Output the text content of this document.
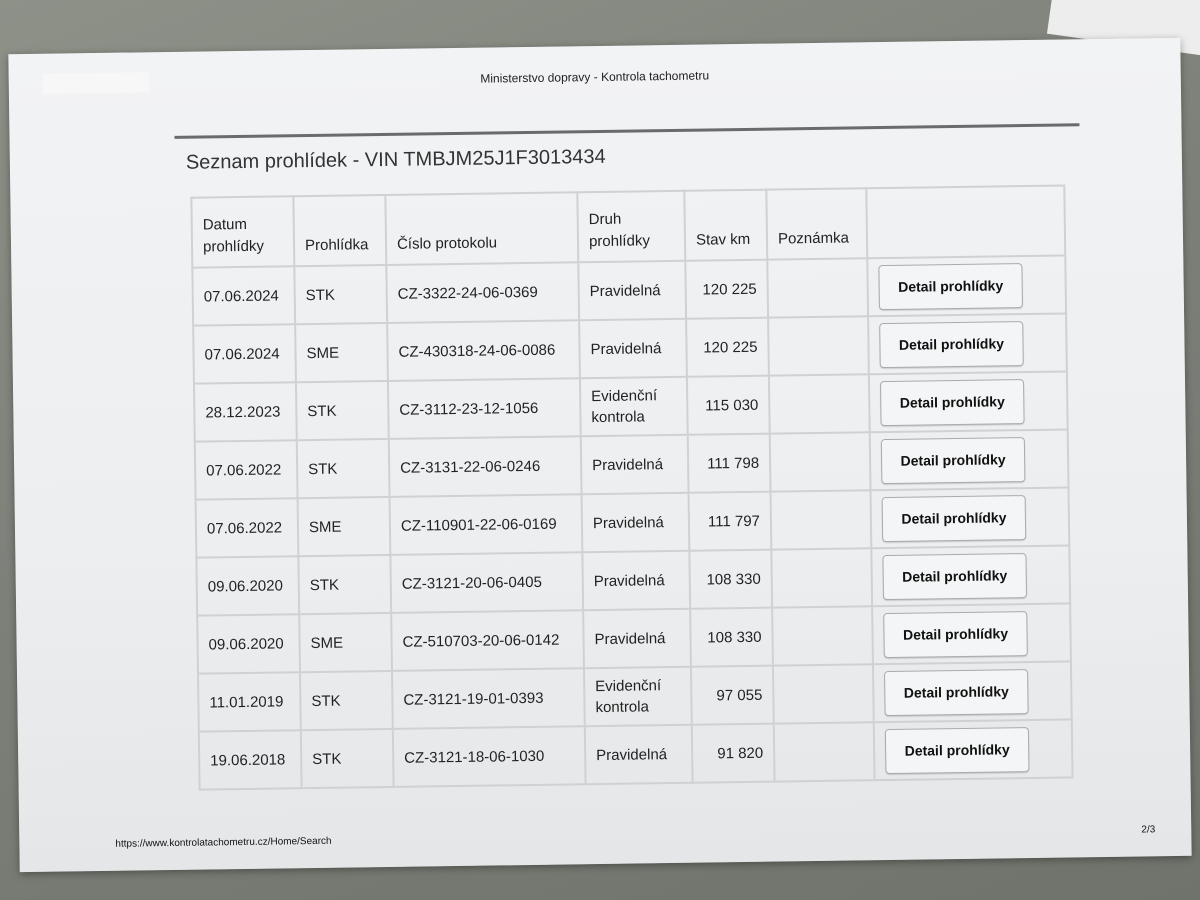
Ministerstvo dopravy - Kontrola tachometru
Seznam prohlídek - VIN TMBJM25J1F3013434
Datum prohlídky	Prohlídka	Číslo protokolu	Druh prohlídky	Stav km	Poznámka	
07.06.2024	STK	CZ-3322-24-06-0369	Pravidelná	120 225		Detail prohlídky
07.06.2024	SME	CZ-430318-24-06-0086	Pravidelná	120 225		Detail prohlídky
28.12.2023	STK	CZ-3112-23-12-1056	Evidenční kontrola	115 030		Detail prohlídky
07.06.2022	STK	CZ-3131-22-06-0246	Pravidelná	111 798		Detail prohlídky
07.06.2022	SME	CZ-110901-22-06-0169	Pravidelná	111 797		Detail prohlídky
09.06.2020	STK	CZ-3121-20-06-0405	Pravidelná	108 330		Detail prohlídky
09.06.2020	SME	CZ-510703-20-06-0142	Pravidelná	108 330		Detail prohlídky
11.01.2019	STK	CZ-3121-19-01-0393	Evidenční kontrola	97 055		Detail prohlídky
19.06.2018	STK	CZ-3121-18-06-1030	Pravidelná	91 820		Detail prohlídky
https://www.kontrolatachometru.cz/Home/Search
2/3
